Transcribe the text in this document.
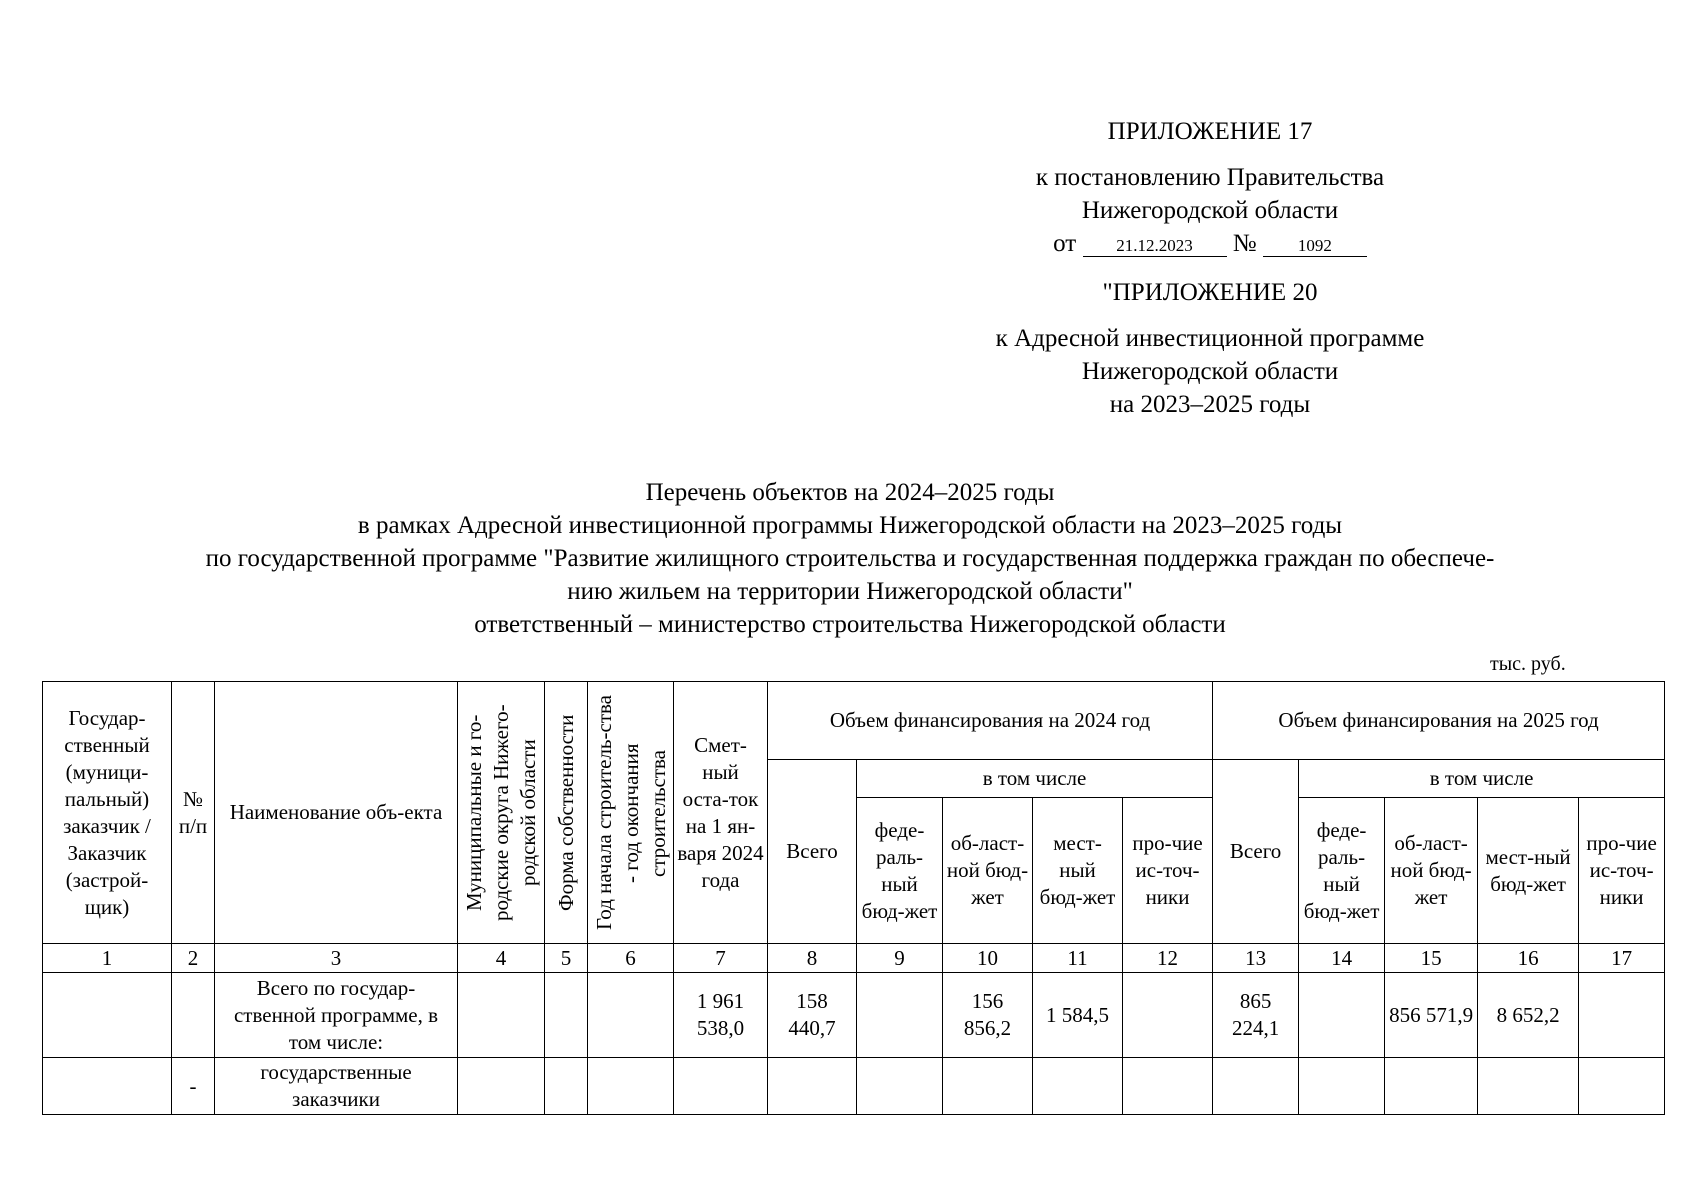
ПРИЛОЖЕНИЕ 17
к постановлению Правительства
Нижегородской области
от 21.12.2023 № 1092
"ПРИЛОЖЕНИЕ 20
к Адресной инвестиционной программе
Нижегородской области
на 2023–2025 годы
Перечень объектов на 2024–2025 годы
в рамках Адресной инвестиционной программы Нижегородской области на 2023–2025 годы
по государственной программе "Развитие жилищного строительства и государственная поддержка граждан по обеспече-
нию жильем на территории Нижегородской области"
ответственный – министерство строительства Нижегородской области
тыс. руб.
Государ-ственный (муници-пальный) заказчик / Заказчик (застрой-щик)	№ п/п	Наименование объ-екта	Муниципальные и го-родские округа Нижего-родской области	Форма собственности	Год начала строитель-ства - год окончания строительства	Смет-ный оста-ток на 1 ян-варя 2024 года	Объем финансирования на 2024 год					Объем финансирования на 2025 год				
							Всего	в том числе				Всего	в том числе			
								феде-раль-ный бюд-жет	об-ласт-ной бюд-жет	мест-ный бюд-жет	про-чие ис-точ-ники		феде-раль-ный бюд-жет	об-ласт-ной бюд-жет	мест-ный бюд-жет	про-чие ис-точ-ники
1	2	3	4	5	6	7	8	9	10	11	12	13	14	15	16	17
		Всего по государ-ственной программе, в том числе:				1 961 538,0	158 440,7		156 856,2	1 584,5		865 224,1		856 571,9	8 652,2	
	-	государственные заказчики														
